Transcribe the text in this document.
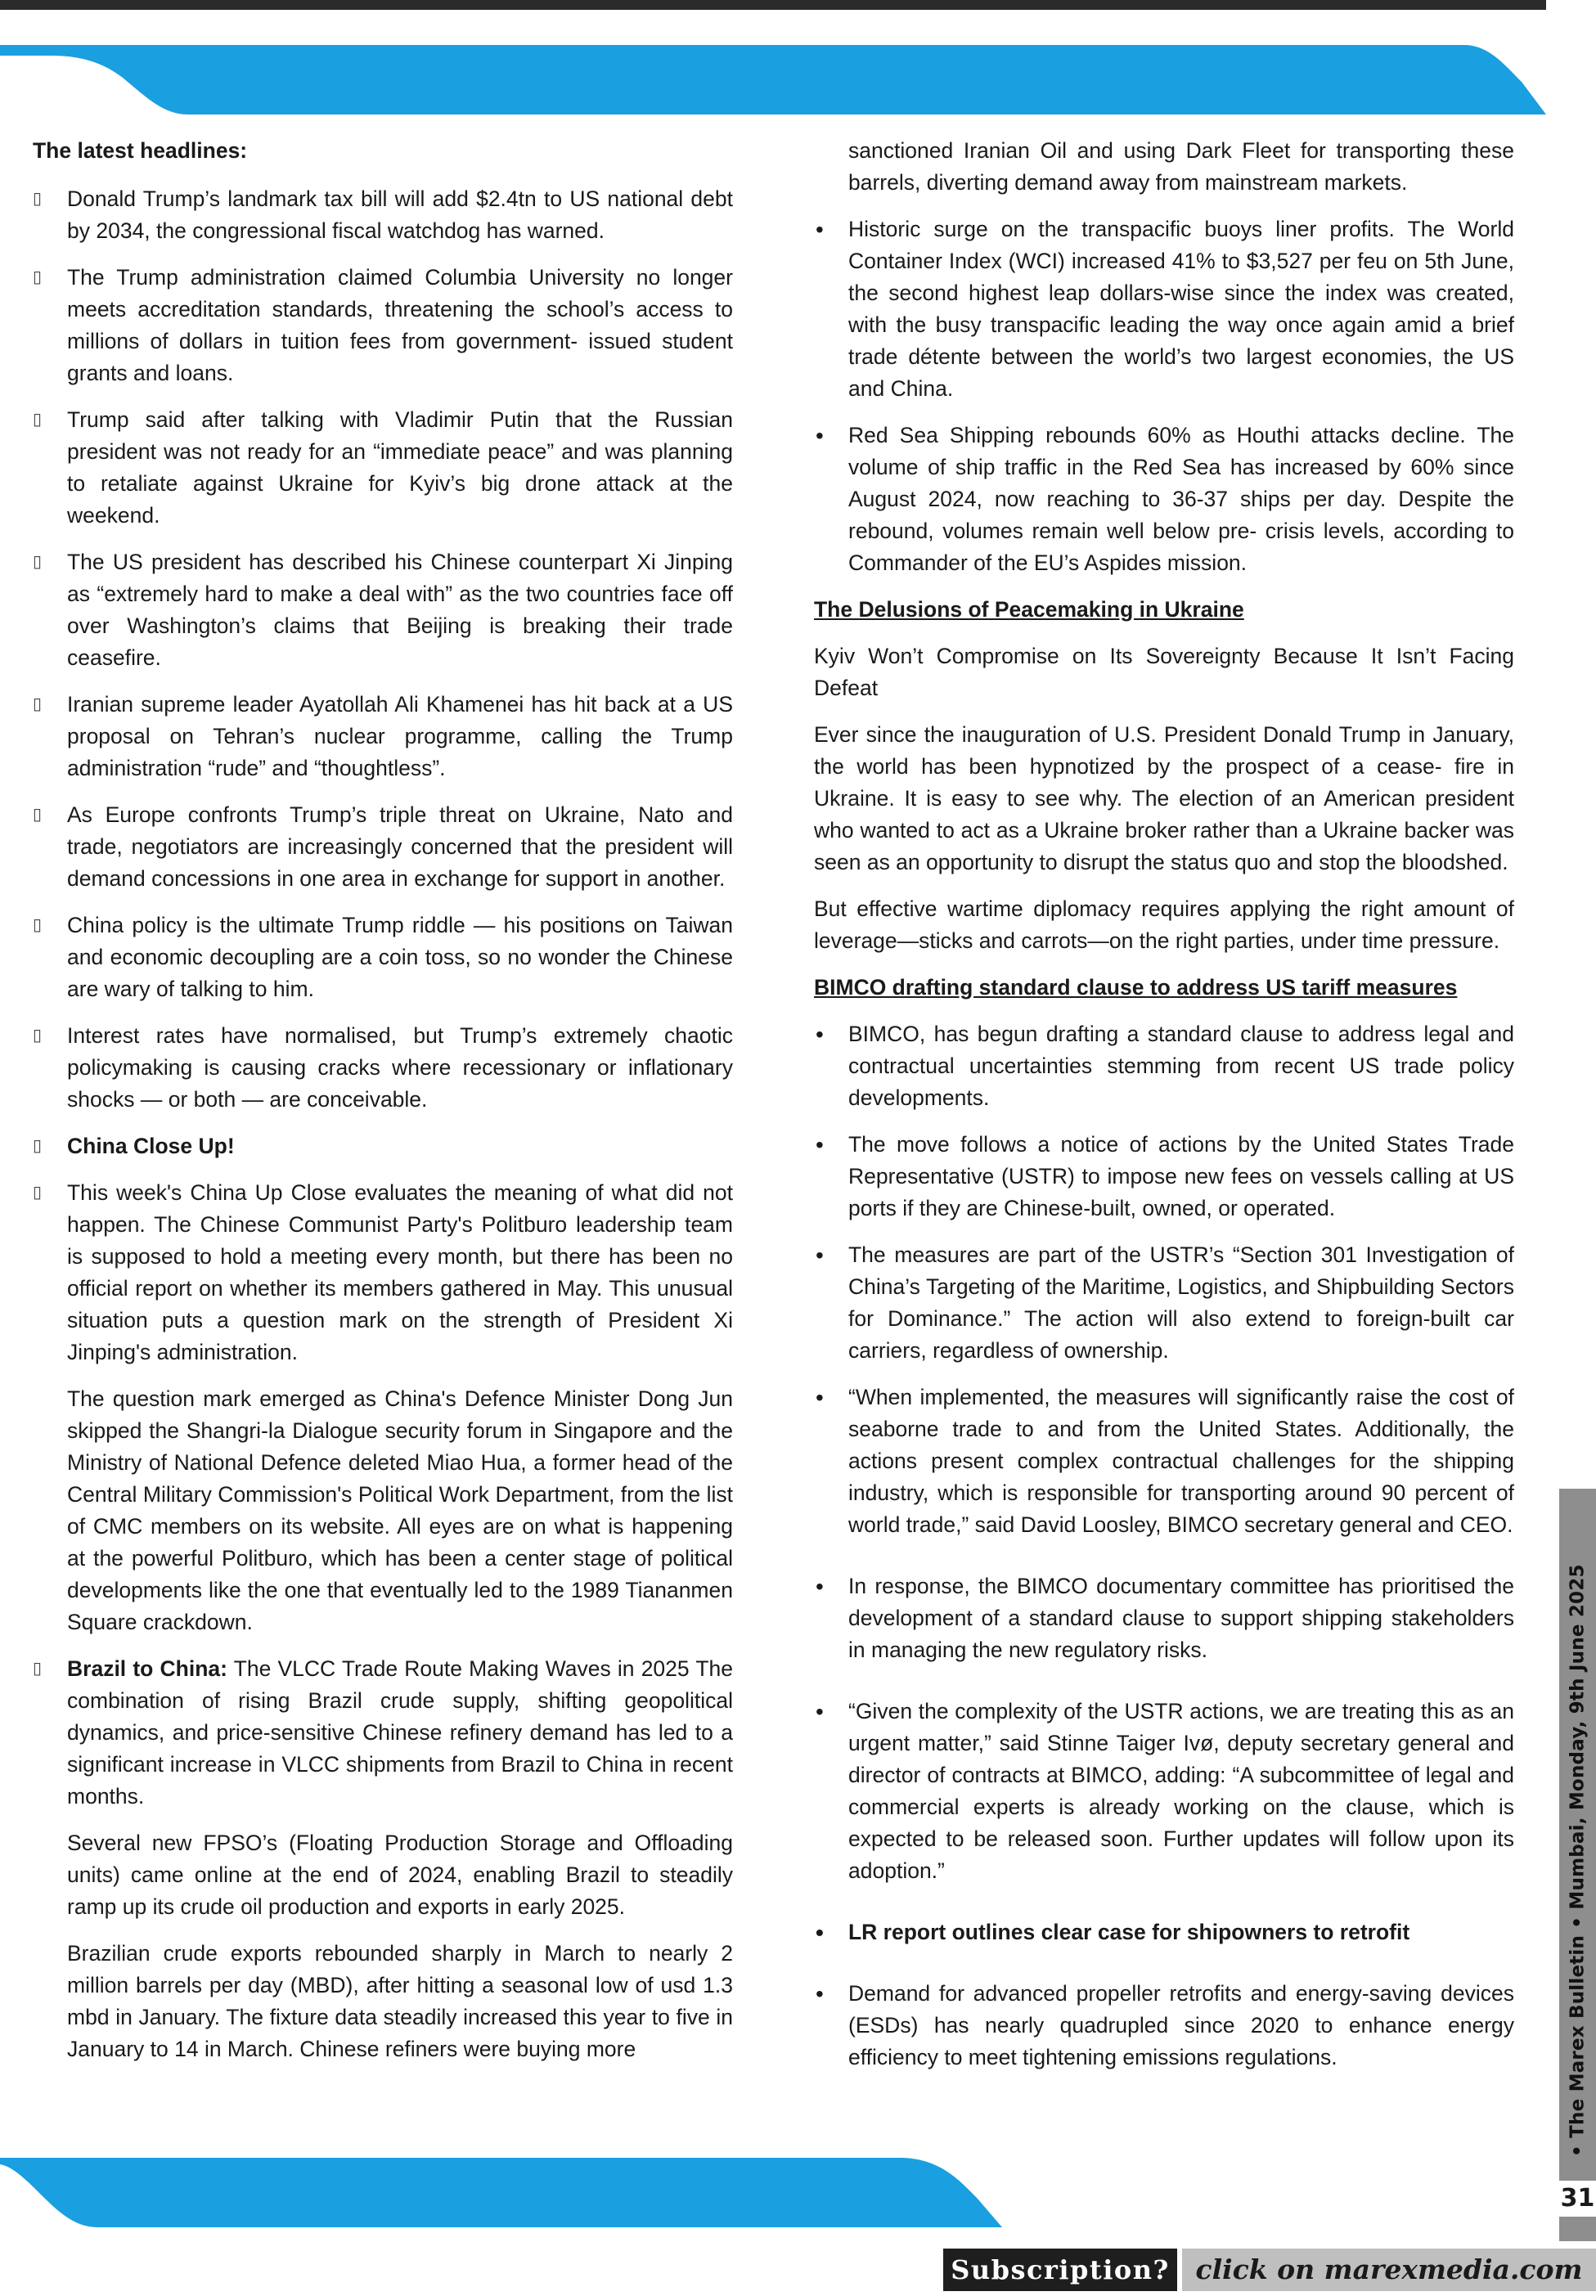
The latest headlines:

▯ Donald Trump’s landmark tax bill will add $2.4tn to US national debt by 2034, the congressional fiscal watchdog has warned.
▯ The Trump administration claimed Columbia University no longer meets accreditation standards, threatening the school’s access to millions of dollars in tuition fees from government- issued student grants and loans.
▯ Trump said after talking with Vladimir Putin that the Russian president was not ready for an “immediate peace” and was planning to retaliate against Ukraine for Kyiv’s big drone attack at the weekend.
▯ The US president has described his Chinese counterpart Xi Jinping as “extremely hard to make a deal with” as the two countries face off over Washington’s claims that Beijing is breaking their trade ceasefire.
▯ Iranian supreme leader Ayatollah Ali Khamenei has hit back at a US proposal on Tehran’s nuclear programme, calling the Trump administration “rude” and “thoughtless”.
▯ As Europe confronts Trump’s triple threat on Ukraine, Nato and trade, negotiators are increasingly concerned that the president will demand concessions in one area in exchange for support in another.
▯ China policy is the ultimate Trump riddle — his positions on Taiwan and economic decoupling are a coin toss, so no wonder the Chinese are wary of talking to him.
▯ Interest rates have normalised, but Trump’s extremely chaotic policymaking is causing cracks where recessionary or inflationary shocks — or both — are conceivable.
▯ China Close Up!
▯ This week's China Up Close evaluates the meaning of what did not happen. The Chinese Communist Party's Politburo leadership team is supposed to hold a meeting every month, but there has been no official report on whether its members gathered in May. This unusual situation puts a question mark on the strength of President Xi Jinping's administration.

The question mark emerged as China's Defence Minister Dong Jun skipped the Shangri-la Dialogue security forum in Singapore and the Ministry of National Defence deleted Miao Hua, a former head of the Central Military Commission's Political Work Department, from the list of CMC members on its website. All eyes are on what is happening at the powerful Politburo, which has been a center stage of political developments like the one that eventually led to the 1989 Tiananmen Square crackdown.

▯ Brazil to China: The VLCC Trade Route Making Waves in 2025 The combination of rising Brazil crude supply, shifting geopolitical dynamics, and price-sensitive Chinese refinery demand has led to a significant increase in VLCC shipments from Brazil to China in recent months.

Several new FPSO’s (Floating Production Storage and Offloading units) came online at the end of 2024, enabling Brazil to steadily ramp up its crude oil production and exports in early 2025.

Brazilian crude exports rebounded sharply in March to nearly 2 million barrels per day (MBD), after hitting a seasonal low of usd 1.3 mbd in January. The fixture data steadily increased this year to five in January to 14 in March. Chinese refiners were buying more

sanctioned Iranian Oil and using Dark Fleet for transporting these barrels, diverting demand away from mainstream markets.

• Historic surge on the transpacific buoys liner profits. The World Container Index (WCI) increased 41% to $3,527 per feu on 5th June, the second highest leap dollars-wise since the index was created, with the busy transpacific leading the way once again amid a brief trade détente between the world’s two largest economies, the US and China.
• Red Sea Shipping rebounds 60% as Houthi attacks decline. The volume of ship traffic in the Red Sea has increased by 60% since August 2024, now reaching to 36-37 ships per day. Despite the rebound, volumes remain well below pre- crisis levels, according to Commander of the EU’s Aspides mission.

The Delusions of Peacemaking in Ukraine

Kyiv Won’t Compromise on Its Sovereignty Because It Isn’t Facing Defeat

Ever since the inauguration of U.S. President Donald Trump in January, the world has been hypnotized by the prospect of a cease- fire in Ukraine. It is easy to see why. The election of an American president who wanted to act as a Ukraine broker rather than a Ukraine backer was seen as an opportunity to disrupt the status quo and stop the bloodshed.

But effective wartime diplomacy requires applying the right amount of leverage—sticks and carrots—on the right parties, under time pressure.

BIMCO drafting standard clause to address US tariff measures

• BIMCO, has begun drafting a standard clause to address legal and contractual uncertainties stemming from recent US trade policy developments.
• The move follows a notice of actions by the United States Trade Representative (USTR) to impose new fees on vessels calling at US ports if they are Chinese-built, owned, or operated.
• The measures are part of the USTR’s “Section 301 Investigation of China’s Targeting of the Maritime, Logistics, and Shipbuilding Sectors for Dominance.” The action will also extend to foreign-built car carriers, regardless of ownership.
• “When implemented, the measures will significantly raise the cost of seaborne trade to and from the United States. Additionally, the actions present complex contractual challenges for the shipping industry, which is responsible for transporting around 90 percent of world trade,” said David Loosley, BIMCO secretary general and CEO.
• In response, the BIMCO documentary committee has prioritised the development of a standard clause to support shipping stakeholders in managing the new regulatory risks.
• “Given the complexity of the USTR actions, we are treating this as an urgent matter,” said Stinne Taiger Ivø, deputy secretary general and director of contracts at BIMCO, adding: “A subcommittee of legal and commercial experts is already working on the clause, which is expected to be released soon. Further updates will follow upon its adoption.”
• LR report outlines clear case for shipowners to retrofit
• Demand for advanced propeller retrofits and energy-saving devices (ESDs) has nearly quadrupled since 2020 to enhance energy efficiency to meet tightening emissions regulations.	• The Marex Bulletin • Mumbai, Monday, 9th June 2025
31
Subscription? click on marexmedia.com
